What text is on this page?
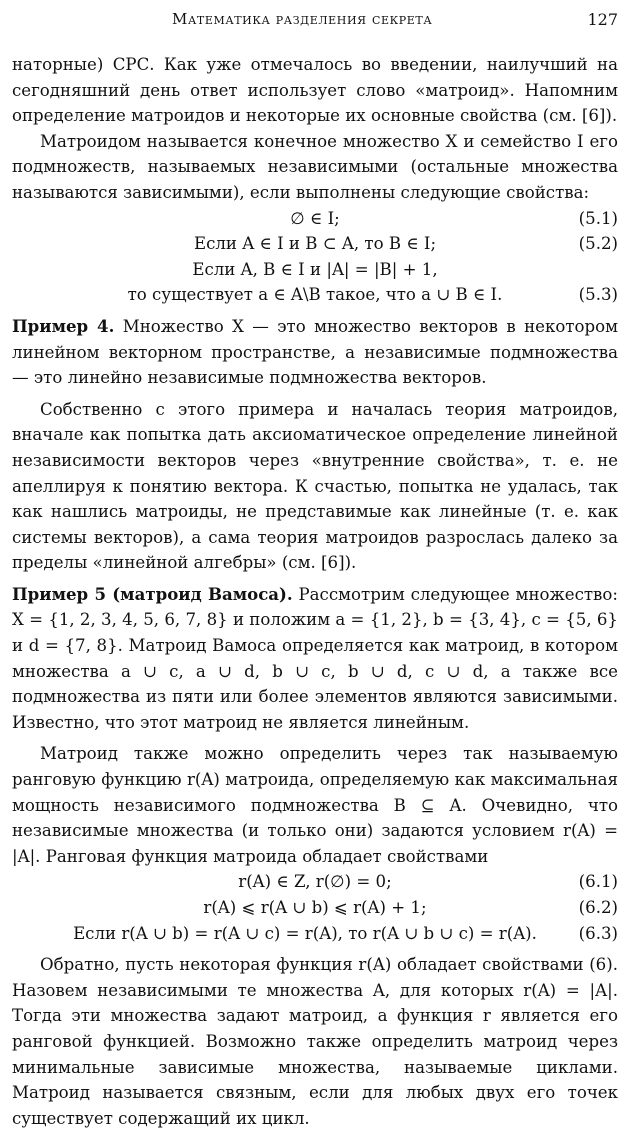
Математика разделения секрета	127

наторные) СРС. Как уже отмечалось во введении, наилучший на сегодняшний день ответ использует слово «матроид». Напомним определение матроидов и некоторые их основные свойства (см. [6]).

Матроидом называется конечное множество X и семейство I его подмножеств, называемых независимыми (остальные множества называются зависимыми), если выполнены следующие свойства:

∅ ∈ I;	(5.1)
Если A ∈ I и B ⊂ A, то B ∈ I;	(5.2)
Если A, B ∈ I и |A| = |B| + 1,
то существует a ∈ A\B такое, что a ∪ B ∈ I.	(5.3)

Пример 4. Множество X — это множество векторов в некотором линейном векторном пространстве, а независимые подмножества — это линейно независимые подмножества векторов.

Собственно с этого примера и началась теория матроидов, вначале как попытка дать аксиоматическое определение линейной независимости векторов через «внутренние свойства», т. е. не апеллируя к понятию вектора. К счастью, попытка не удалась, так как нашлись матроиды, не представимые как линейные (т. е. как системы векторов), а сама теория матроидов разрослась далеко за пределы «линейной алгебры» (см. [6]).

Пример 5 (матроид Вамоса). Рассмотрим следующее множество: X = {1, 2, 3, 4, 5, 6, 7, 8} и положим a = {1, 2}, b = {3, 4}, c = {5, 6} и d = {7, 8}. Матроид Вамоса определяется как матроид, в котором множества a ∪ c, a ∪ d, b ∪ c, b ∪ d, c ∪ d, а также все подмножества из пяти или более элементов являются зависимыми. Известно, что этот матроид не является линейным.

Матроид также можно определить через так называемую ранговую функцию r(A) матроида, определяемую как максимальная мощность независимого подмножества B ⊆ A. Очевидно, что независимые множества (и только они) задаются условием r(A) = |A|. Ранговая функция матроида обладает свойствами

r(A) ∈ Z, r(∅) = 0;	(6.1)
r(A) ⩽ r(A ∪ b) ⩽ r(A) + 1;	(6.2)
Если r(A ∪ b) = r(A ∪ c) = r(A), то r(A ∪ b ∪ c) = r(A).	(6.3)

Обратно, пусть некоторая функция r(A) обладает свойствами (6). Назовем независимыми те множества A, для которых r(A) = |A|. Тогда эти множества задают матроид, а функция r является его ранговой функцией. Возможно также определить матроид через минимальные зависимые множества, называемые циклами. Матроид называется связным, если для любых двух его точек существует содержащий их цикл.
